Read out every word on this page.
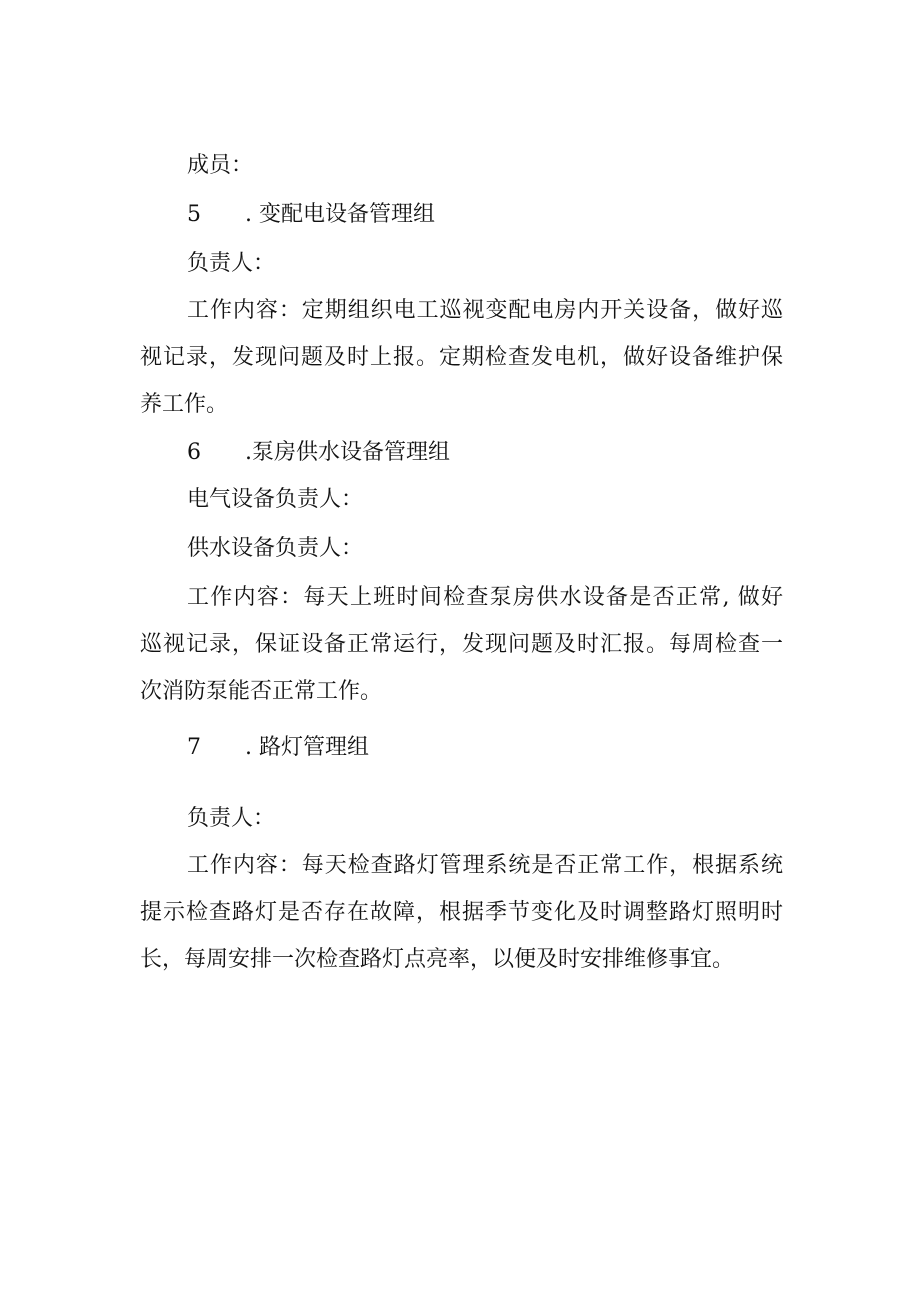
成员：

5 . 变配电设备管理组

负责人：

工作内容：定期组织电工巡视变配电房内开关设备，做好巡

视记录，发现问题及时上报。定期检查发电机，做好设备维护保

养工作。

6 .泵房供水设备管理组

电气设备负责人：

供水设备负责人：

工作内容：每天上班时间检查泵房供水设备是否正常, 做好

巡视记录，保证设备正常运行，发现问题及时汇报。每周检查一

次消防泵能否正常工作。

7 . 路灯管理组

负责人：

工作内容：每天检查路灯管理系统是否正常工作，根据系统

提示检查路灯是否存在故障，根据季节变化及时调整路灯照明时

长，每周安排一次检查路灯点亮率，以便及时安排维修事宜。
